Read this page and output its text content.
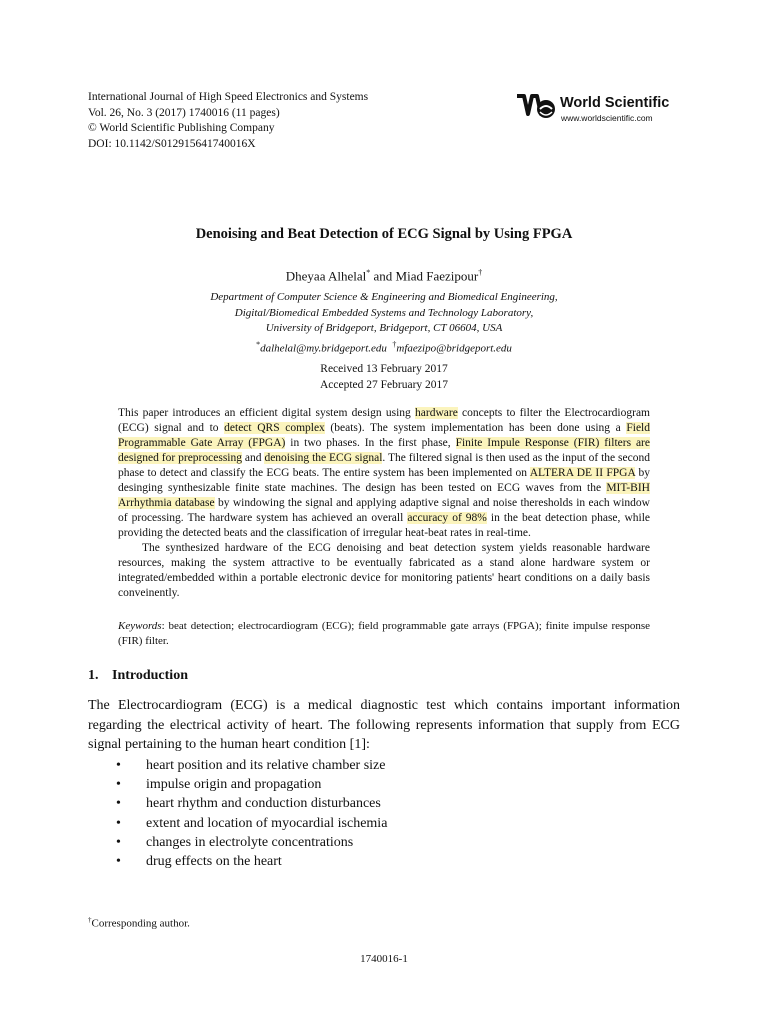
International Journal of High Speed Electronics and Systems
Vol. 26, No. 3 (2017) 1740016 (11 pages)
© World Scientific Publishing Company
DOI: 10.1142/S012915641740016X
World Scientific
www.worldscientific.com
Denoising and Beat Detection of ECG Signal by Using FPGA
Dheyaa Alhelal* and Miad Faezipour†
Department of Computer Science & Engineering and Biomedical Engineering,
Digital/Biomedical Embedded Systems and Technology Laboratory,
University of Bridgeport, Bridgeport, CT 06604, USA
*dalhelal@my.bridgeport.edu †mfaezipo@bridgeport.edu
Received 13 February 2017
Accepted 27 February 2017

This paper introduces an efficient digital system design using hardware concepts to filter the Electrocardiogram (ECG) signal and to detect QRS complex (beats). The system implementation has been done using a Field Programmable Gate Array (FPGA) in two phases. In the first phase, Finite Impule Response (FIR) filters are designed for preprocessing and denoising the ECG signal. The filtered signal is then used as the input of the second phase to detect and classify the ECG beats. The entire system has been implemented on ALTERA DE II FPGA by desinging synthesizable finite state machines. The design has been tested on ECG waves from the MIT-BIH Arrhythmia database by windowing the signal and applying adaptive signal and noise theresholds in each window of processing. The hardware system has achieved an overall accuracy of 98% in the beat detection phase, while providing the detected beats and the classification of irregular heat-beat rates in real-time.

The synthesized hardware of the ECG denoising and beat detection system yields reasonable hardware resources, making the system attractive to be eventually fabricated as a stand alone hardware system or integrated/embedded within a portable electronic device for monitoring patients' heart conditions on a daily basis conveinently.

Keywords: beat detection; electrocardiogram (ECG); field programmable gate arrays (FPGA); finite impulse response (FIR) filter.
1. Introduction
The Electrocardiogram (ECG) is a medical diagnostic test which contains important information regarding the electrical activity of heart. The following represents information that supply from ECG signal pertaining to the human heart condition [1]:
• heart position and its relative chamber size
• impulse origin and propagation
• heart rhythm and conduction disturbances
• extent and location of myocardial ischemia
• changes in electrolyte concentrations
• drug effects on the heart
†Corresponding author.
1740016-1
